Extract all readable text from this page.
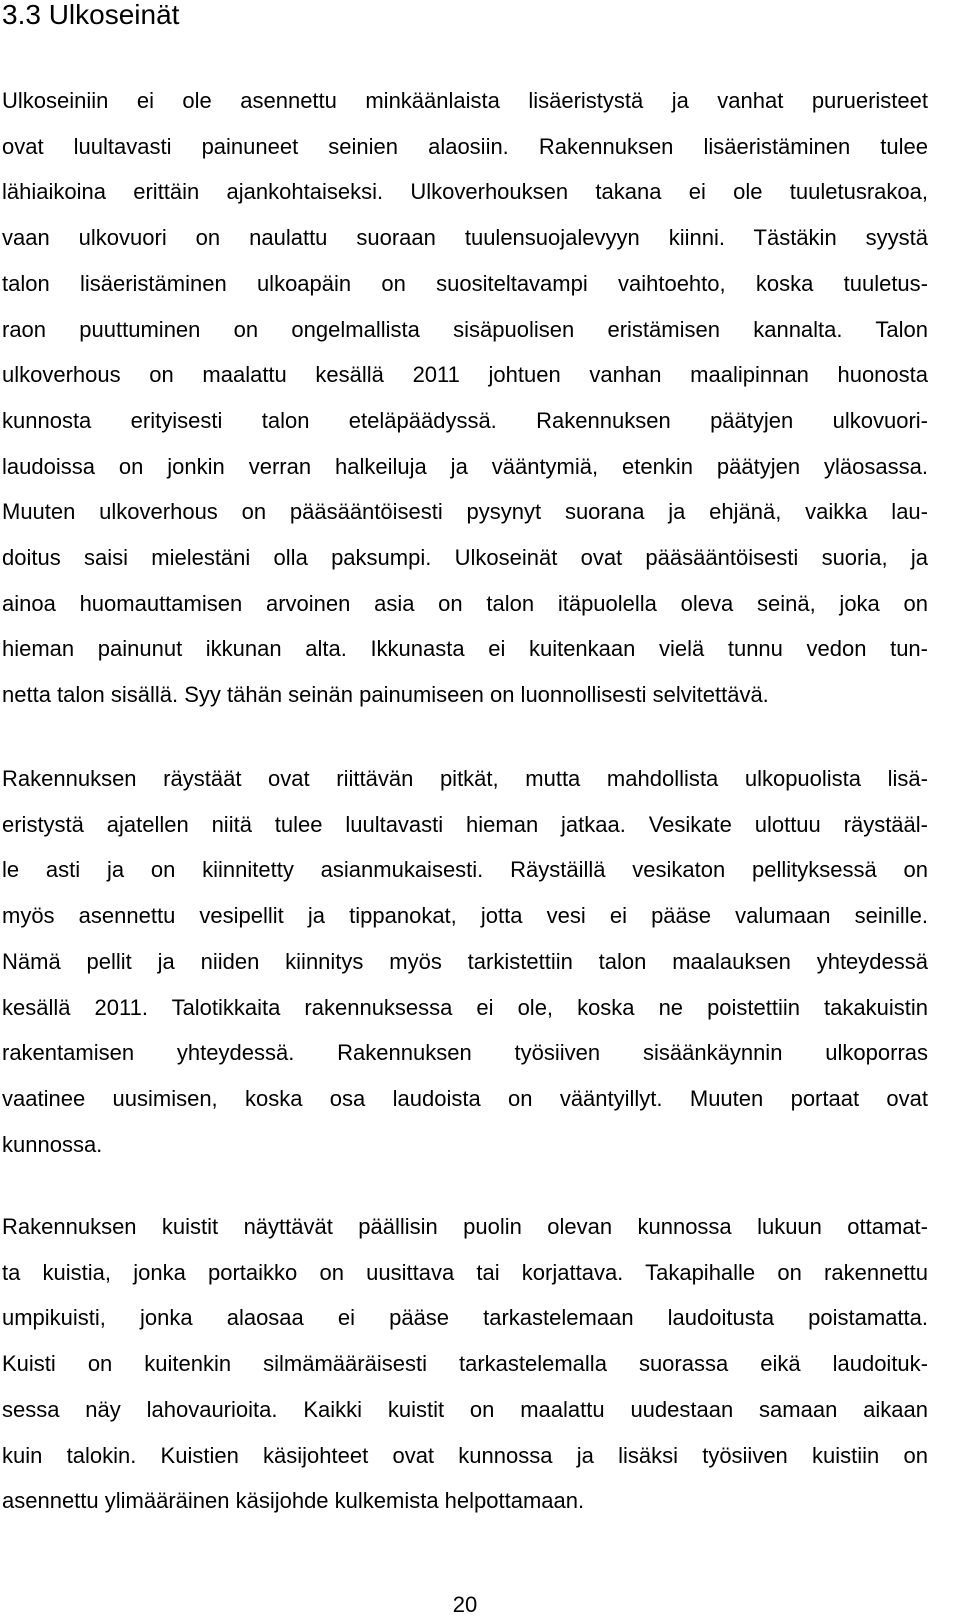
3.3 Ulkoseinät
Ulkoseiniin ei ole asennettu minkäänlaista lisäeristystä ja vanhat purueristeet
ovat luultavasti painuneet seinien alaosiin. Rakennuksen lisäeristäminen tulee
lähiaikoina erittäin ajankohtaiseksi. Ulkoverhouksen takana ei ole tuuletusrakoa,
vaan ulkovuori on naulattu suoraan tuulensuojalevyyn kiinni. Tästäkin syystä
talon lisäeristäminen ulkoapäin on suositeltavampi vaihtoehto, koska tuuletus-
raon puuttuminen on ongelmallista sisäpuolisen eristämisen kannalta. Talon
ulkoverhous on maalattu kesällä 2011 johtuen vanhan maalipinnan huonosta
kunnosta erityisesti talon eteläpäädyssä. Rakennuksen päätyjen ulkovuori-
laudoissa on jonkin verran halkeiluja ja vääntymiä, etenkin päätyjen yläosassa.
Muuten ulkoverhous on pääsääntöisesti pysynyt suorana ja ehjänä, vaikka lau-
doitus saisi mielestäni olla paksumpi. Ulkoseinät ovat pääsääntöisesti suoria, ja
ainoa huomauttamisen arvoinen asia on talon itäpuolella oleva seinä, joka on
hieman painunut ikkunan alta. Ikkunasta ei kuitenkaan vielä tunnu vedon tun-
netta talon sisällä. Syy tähän seinän painumiseen on luonnollisesti selvitettävä.
Rakennuksen räystäät ovat riittävän pitkät, mutta mahdollista ulkopuolista lisä-
eristystä ajatellen niitä tulee luultavasti hieman jatkaa. Vesikate ulottuu räystääl-
le asti ja on kiinnitetty asianmukaisesti. Räystäillä vesikaton pellityksessä on
myös asennettu vesipellit ja tippanokat, jotta vesi ei pääse valumaan seinille.
Nämä pellit ja niiden kiinnitys myös tarkistettiin talon maalauksen yhteydessä
kesällä 2011. Talotikkaita rakennuksessa ei ole, koska ne poistettiin takakuistin
rakentamisen yhteydessä. Rakennuksen työsiiven sisäänkäynnin ulkoporras
vaatinee uusimisen, koska osa laudoista on vääntyillyt. Muuten portaat ovat
kunnossa.
Rakennuksen kuistit näyttävät päällisin puolin olevan kunnossa lukuun ottamat-
ta kuistia, jonka portaikko on uusittava tai korjattava. Takapihalle on rakennettu
umpikuisti, jonka alaosaa ei pääse tarkastelemaan laudoitusta poistamatta.
Kuisti on kuitenkin silmämääräisesti tarkastelemalla suorassa eikä laudoituk-
sessa näy lahovaurioita. Kaikki kuistit on maalattu uudestaan samaan aikaan
kuin talokin. Kuistien käsijohteet ovat kunnossa ja lisäksi työsiiven kuistiin on
asennettu ylimääräinen käsijohde kulkemista helpottamaan.
20
